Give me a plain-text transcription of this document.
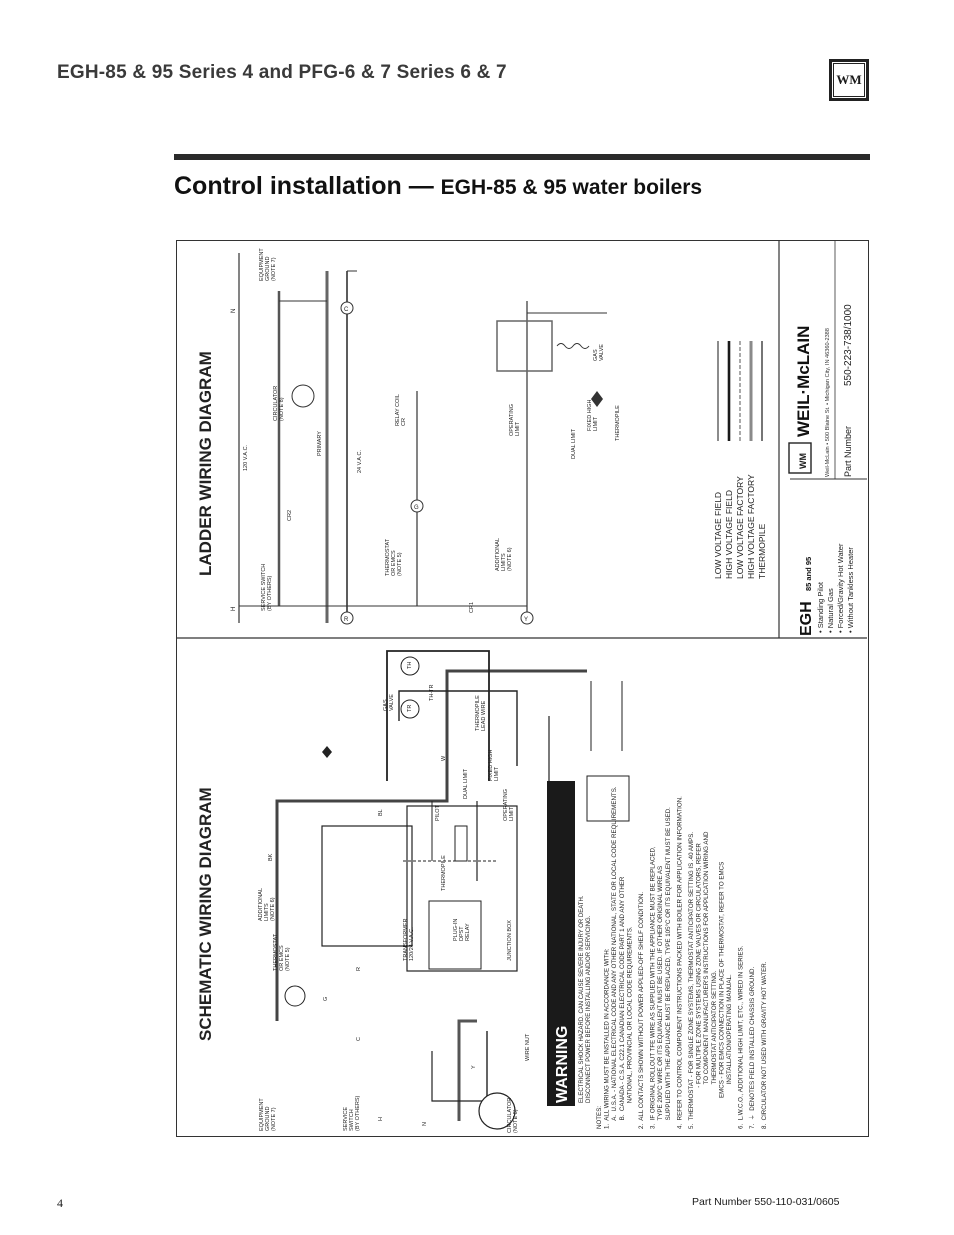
EGH-85 & 95 Series 4 and PFG-6 & 7 Series 6 & 7	WM
Control installation — EGH-85 & 95 water boilers
LADDER WIRING DIAGRAM
C
R
G
Y
H
N
120 V.A.C.
PRIMARY
24 V.A.C.
CR2
CR1
DUAL LIMIT
THERMOPILE
EQUIPMENT GROUND (NOTE 7)
CIRCULATOR (NOTE 8)
SERVICE SWITCH (BY OTHERS)
RELAY COIL CR
THERMOSTAT OR EMCS (NOTE 5)	ADDITIONAL LIMITS (NOTE 6)
OPERATING LIMIT	FIXED HIGH LIMIT
GAS VALVE
LOW VOLTAGE FIELD HIGH VOLTAGE FIELD LOW VOLTAGE FACTORY HIGH VOLTAGE FACTORY THERMOPILE
EGH
85 and 95
• Standing Pilot • Natural Gas • Forced/Gravity Hot Water • Without Tankless Heater
WM
WEIL·McLAIN Weil-McLain • 500 Blaine St. • Michigan City, IN 46360-2388 Part Number
550-223-738/1000
SCHEMATIC WIRING DIAGRAM
TH
TR
TH-TR
BK
BL
W
Y
R
G
C
DUAL LIMIT
PILOT
THERMOPILE
JUNCTION BOX
WIRE NUT
H
N
ADDITIONAL LIMITS (NOTE 6)
GAS VALVE	THERMOPILE LEAD WIRE
FIXED HIGH LIMIT
OPERATING LIMIT
THERMOSTAT OR EMCS (NOTE 5)	TRANSFORMER 120/24 V.A.C.	PLUG-IN DPST RELAY
EQUIPMENT GROUND (NOTE 7)	SERVICE SWITCH (BY OTHERS)	CIRCULATOR (NOTE 8)
WARNING ELECTRICAL SHOCK HAZARD. CAN CAUSE SEVERE INJURY OR DEATH. DISCONNECT POWER BEFORE INSTALLING AND/OR SERVICING.
NOTES: 1.  ALL WIRING MUST BE INSTALLED IN ACCORDANCE WITH: A.  U.S.A. - NATIONAL ELECTRICAL CODE AND ANY OTHER NATIONAL, STATE OR LOCAL CODE REQUIREMENTS. B.  CANADA - C.S.A. C22.1 CANADIAN ELECTRICAL CODE PART 1 AND ANY OTHER NATIONAL, PROVINCIAL OR LOCAL CODE REQUIREMENTS. 2.  ALL CONTACTS SHOWN WITHOUT POWER APPLIED-OFF SHELF CONDITION. 3.  IF ORIGINAL ROLLOUT TFE WIRE AS SUPPLIED WITH THE APPLIANCE MUST BE REPLACED, TYPE 200°C WIRE OR ITS EQUIVALENT MUST BE USED. IF OTHER ORIGINAL WIRE AS SUPPLIED WITH THE APPLIANCE MUST BE REPLACED, TYPE 105°C OR ITS EQUIVALENT MUST BE USED. 4.  REFER TO CONTROL COMPONENT INSTRUCTIONS PACKED WITH BOILER FOR APPLICATION INFORMATION. 5.  THERMOSTAT - FOR SINGLE ZONE SYSTEMS, THERMOSTAT ANTICIPATOR SETTING IS .40 AMPS. - FOR MULTIPLE ZONE SYSTEMS USING ZONE VALVES OR CIRCULATORS, REFER TO COMPONENT MANUFACTURER'S INSTRUCTIONS FOR APPLICATION WIRING AND THERMOSTAT ANTICIPATOR SETTING. EMCS - FOR EMCS CONNECTION IN PLACE OF THERMOSTAT, REFER TO EMCS INSTALLATION/OPERATING MANUAL. 6.  L.W.C.O., ADDITIONAL HIGH LIMIT, ETC., WIRED IN SERIES. 7.  ⏚  DENOTES FIELD INSTALLED CHASSIS GROUND. 8.  CIRCULATOR NOT USED WITH GRAVITY HOT WATER.
4	Part Number 550-110-031/0605
